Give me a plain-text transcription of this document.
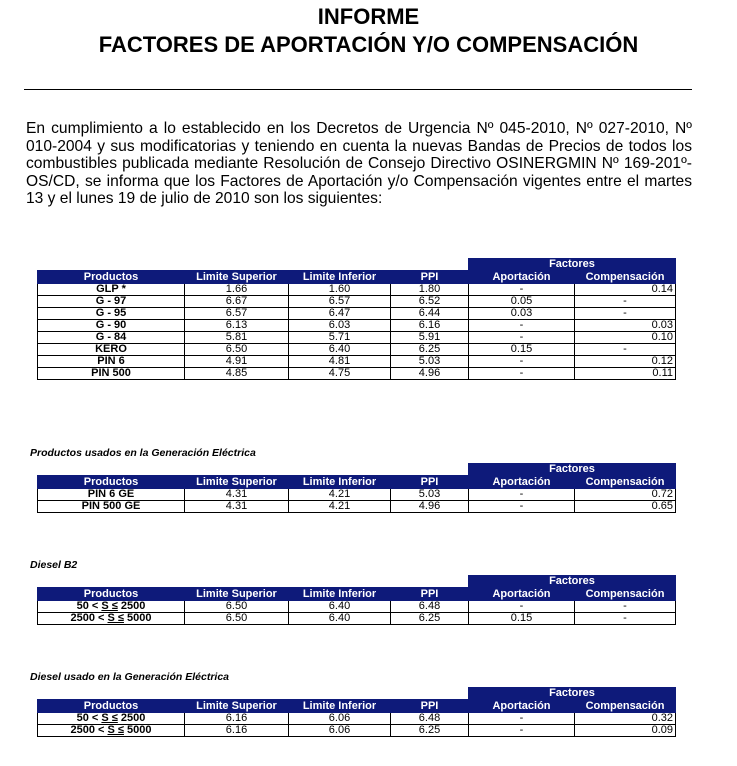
INFORME
FACTORES DE APORTACIÓN Y/O COMPENSACIÓN

En cumplimiento a lo establecido en los Decretos de Urgencia Nº 045-2010, Nº 027-2010, Nº 010-2004 y sus modificatorias y teniendo en cuenta la nuevas Bandas de Precios de todos los combustibles publicada mediante Resolución de Consejo Directivo OSINERGMIN Nº 169-201º- OS/CD, se informa que los Factores de Aportación y/o Compensación vigentes entre el martes 13 y el lunes 19 de julio de 2010 son los siguientes:

				Factores	
Productos	Limite Superior	Limite Inferior	PPI	Aportación	Compensación
GLP *	1.66	1.60	1.80	-	0.14
G - 97	6.67	6.57	6.52	0.05	-
G - 95	6.57	6.47	6.44	0.03	-
G - 90	6.13	6.03	6.16	-	0.03
G - 84	5.81	5.71	5.91	-	0.10
KERO	6.50	6.40	6.25	0.15	-
PIN 6	4.91	4.81	5.03	-	0.12
PIN 500	4.85	4.75	4.96	-	0.11
Productos usados en la Generación Eléctrica
				Factores	
Productos	Limite Superior	Limite Inferior	PPI	Aportación	Compensación
PIN 6 GE	4.31	4.21	5.03	-	0.72
PIN 500 GE	4.31	4.21	4.96	-	0.65
Diesel B2
				Factores	
Productos	Limite Superior	Limite Inferior	PPI	Aportación	Compensación
50 < S ≤ 2500	6.50	6.40	6.48	-	-
2500 < S ≤ 5000	6.50	6.40	6.25	0.15	-
Diesel usado en la Generación Eléctrica
				Factores	
Productos	Limite Superior	Limite Inferior	PPI	Aportación	Compensación
50 < S ≤ 2500	6.16	6.06	6.48	-	0.32
2500 < S ≤ 5000	6.16	6.06	6.25	-	0.09
